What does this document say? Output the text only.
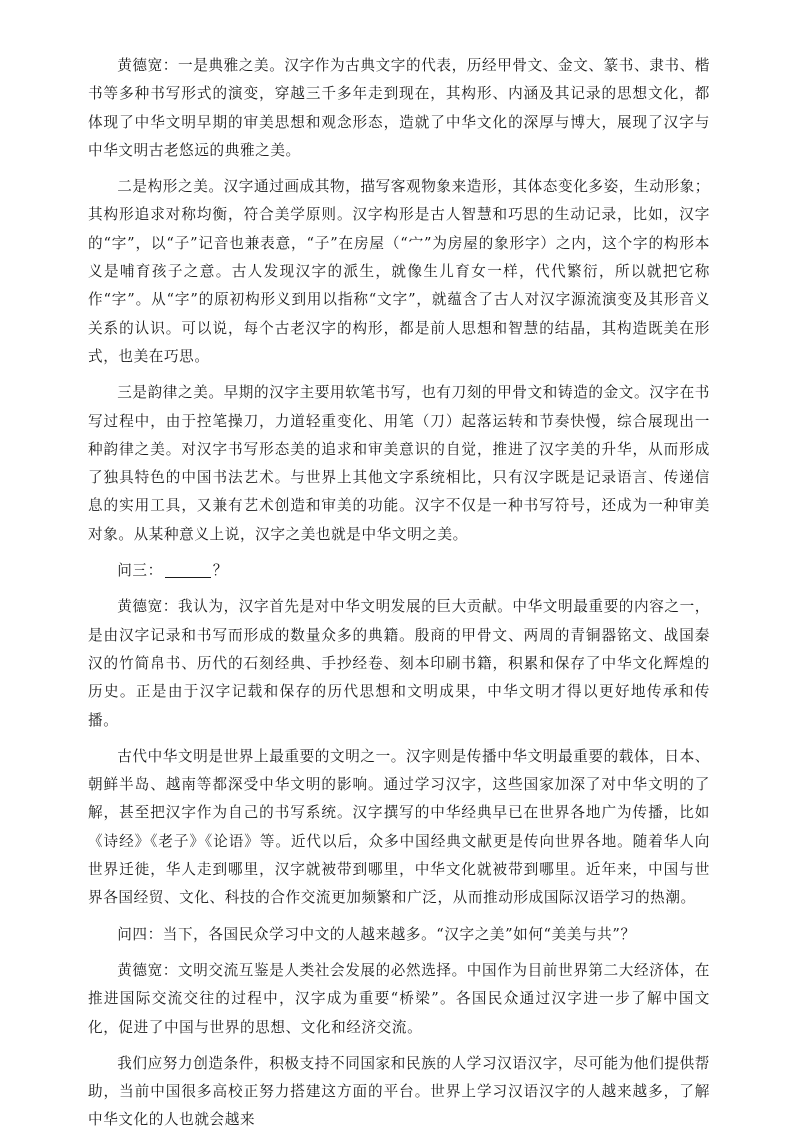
黄德宽：一是典雅之美。汉字作为古典文字的代表，历经甲骨文、金文、篆书、隶书、楷书等多种书写形式的演变，穿越三千多年走到现在，其构形、内涵及其记录的思想文化，都体现了中华文明早期的审美思想和观念形态，造就了中华文化的深厚与博大，展现了汉字与中华文明古老悠远的典雅之美。

二是构形之美。汉字通过画成其物，描写客观物象来造形，其体态变化多姿，生动形象；其构形追求对称均衡，符合美学原则。汉字构形是古人智慧和巧思的生动记录，比如，汉字的“字”，以“子”记音也兼表意，“子”在房屋（“宀”为房屋的象形字）之内，这个字的构形本义是哺育孩子之意。古人发现汉字的派生，就像生儿育女一样，代代繁衍，所以就把它称作“字”。从“字”的原初构形义到用以指称“文字”，就蕴含了古人对汉字源流演变及其形音义关系的认识。可以说，每个古老汉字的构形，都是前人思想和智慧的结晶，其构造既美在形式，也美在巧思。

三是韵律之美。早期的汉字主要用软笔书写，也有刀刻的甲骨文和铸造的金文。汉字在书写过程中，由于控笔操刀，力道轻重变化、用笔（刀）起落运转和节奏快慢，综合展现出一种韵律之美。对汉字书写形态美的追求和审美意识的自觉，推进了汉字美的升华，从而形成了独具特色的中国书法艺术。与世界上其他文字系统相比，只有汉字既是记录语言、传递信息的实用工具，又兼有艺术创造和审美的功能。汉字不仅是一种书写符号，还成为一种审美对象。从某种意义上说，汉字之美也就是中华文明之美。

问三：	？

黄德宽：我认为，汉字首先是对中华文明发展的巨大贡献。中华文明最重要的内容之一，是由汉字记录和书写而形成的数量众多的典籍。殷商的甲骨文、两周的青铜器铭文、战国秦汉的竹简帛书、历代的石刻经典、手抄经卷、刻本印刷书籍，积累和保存了中华文化辉煌的历史。正是由于汉字记载和保存的历代思想和文明成果，中华文明才得以更好地传承和传播。

古代中华文明是世界上最重要的文明之一。汉字则是传播中华文明最重要的载体，日本、朝鲜半岛、越南等都深受中华文明的影响。通过学习汉字，这些国家加深了对中华文明的了解，甚至把汉字作为自己的书写系统。汉字撰写的中华经典早已在世界各地广为传播，比如《诗经》《老子》《论语》等。近代以后，众多中国经典文献更是传向世界各地。随着华人向世界迁徙，华人走到哪里，汉字就被带到哪里，中华文化就被带到哪里。近年来，中国与世界各国经贸、文化、科技的合作交流更加频繁和广泛，从而推动形成国际汉语学习的热潮。

问四：当下，各国民众学习中文的人越来越多。“汉字之美”如何“美美与共”？

黄德宽：文明交流互鉴是人类社会发展的必然选择。中国作为目前世界第二大经济体，在推进国际交流交往的过程中，汉字成为重要“桥梁”。各国民众通过汉字进一步了解中国文化，促进了中国与世界的思想、文化和经济交流。

我们应努力创造条件，积极支持不同国家和民族的人学习汉语汉字，尽可能为他们提供帮助，当前中国很多高校正努力搭建这方面的平台。世界上学习汉语汉字的人越来越多，了解中华文化的人也就会越来
